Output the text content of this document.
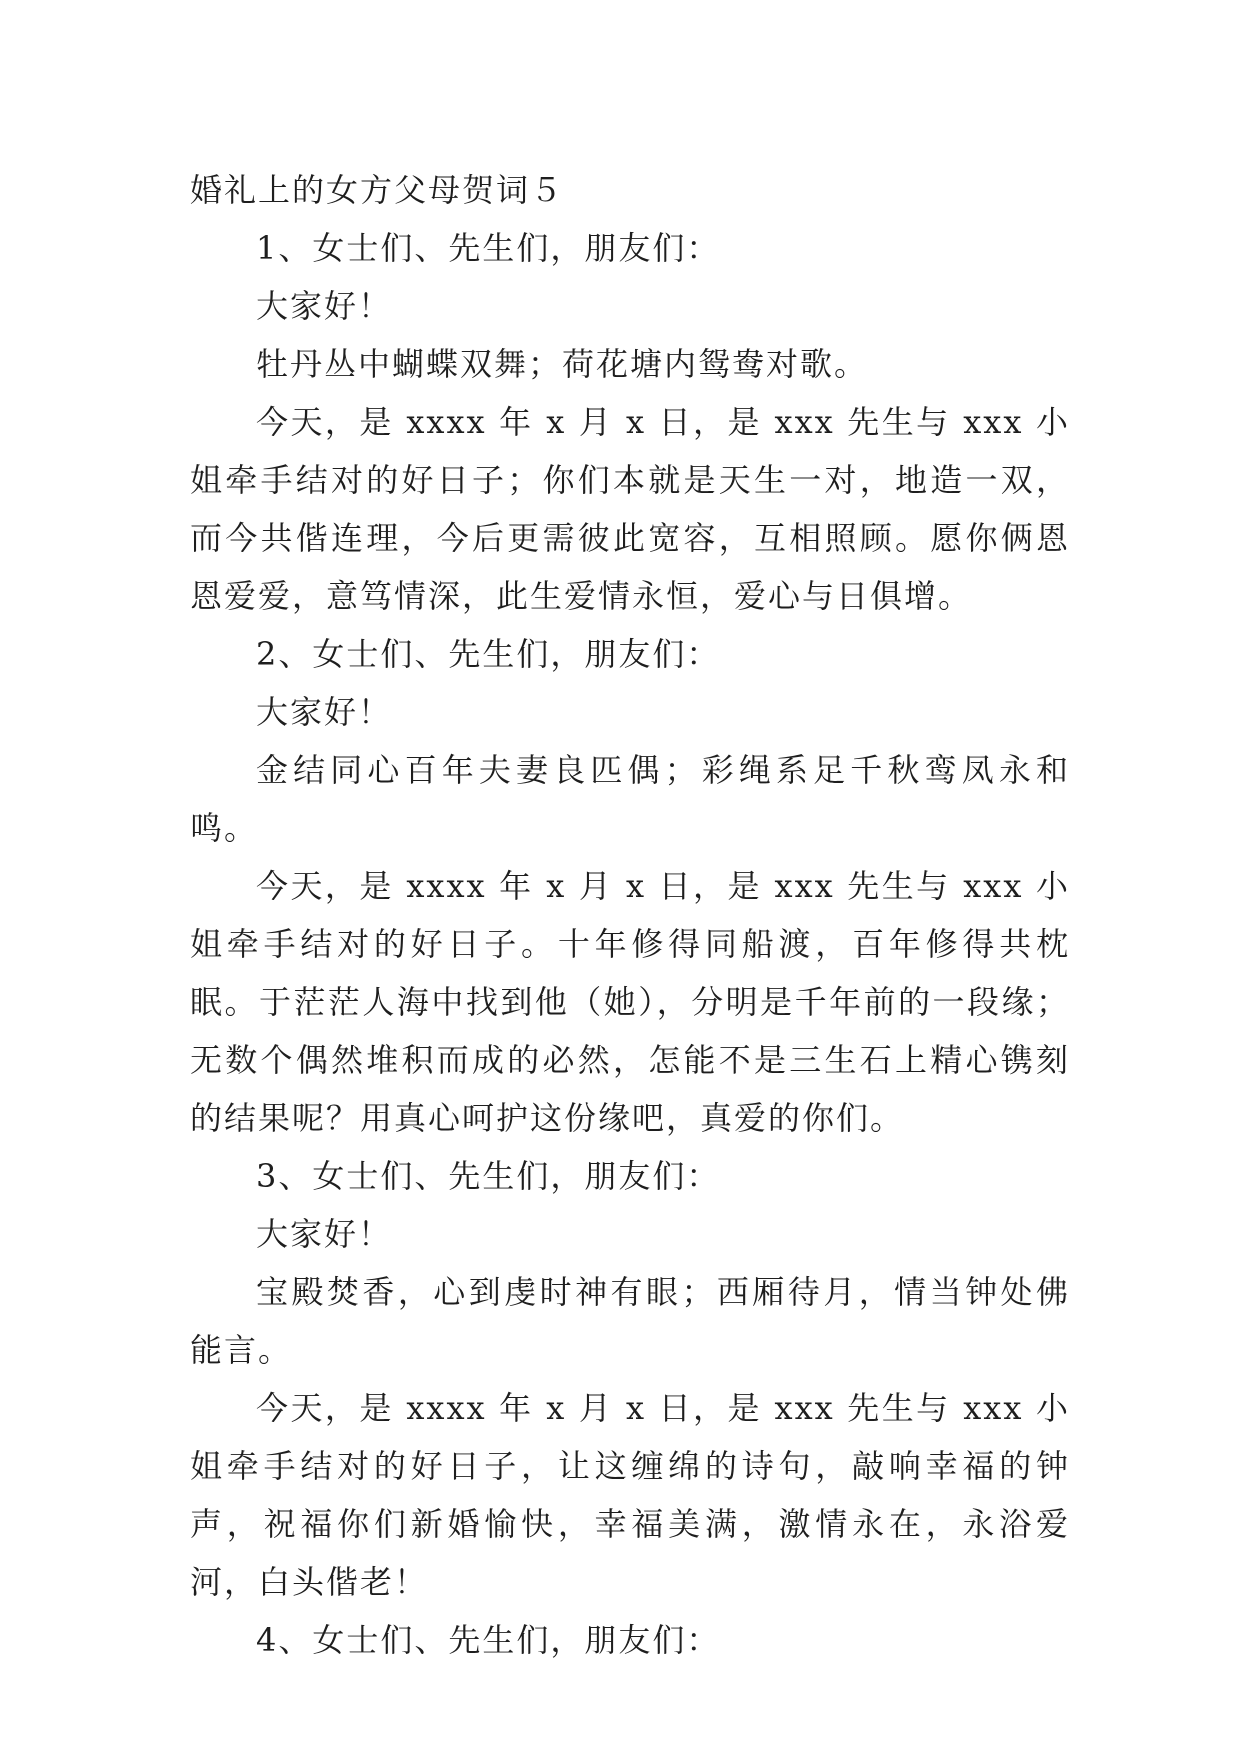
婚礼上的女方父母贺词５

1、女士们、先生们，朋友们：

大家好！

牡丹丛中蝴蝶双舞；荷花塘内鸳鸯对歌。

今天，是 xxxx 年 x 月 x 日，是 xxx 先生与 xxx 小姐牵手结对的好日子；你们本就是天生一对，地造一双，而今共偕连理，今后更需彼此宽容，互相照顾。愿你俩恩恩爱爱，意笃情深，此生爱情永恒，爱心与日俱增。

2、女士们、先生们，朋友们：

大家好！

金结同心百年夫妻良匹偶；彩绳系足千秋鸾凤永和鸣。

今天，是 xxxx 年 x 月 x 日，是 xxx 先生与 xxx 小姐牵手结对的好日子。十年修得同船渡，百年修得共枕眠。于茫茫人海中找到他（她），分明是千年前的一段缘；无数个偶然堆积而成的必然，怎能不是三生石上精心镌刻的结果呢？用真心呵护这份缘吧，真爱的你们。

3、女士们、先生们，朋友们：

大家好！

宝殿焚香，心到虔时神有眼；西厢待月，情当钟处佛能言。

今天，是 xxxx 年 x 月 x 日，是 xxx 先生与 xxx 小姐牵手结对的好日子，让这缠绵的诗句，敲响幸福的钟声，祝福你们新婚愉快，幸福美满，激情永在，永浴爱河，白头偕老！

4、女士们、先生们，朋友们：
